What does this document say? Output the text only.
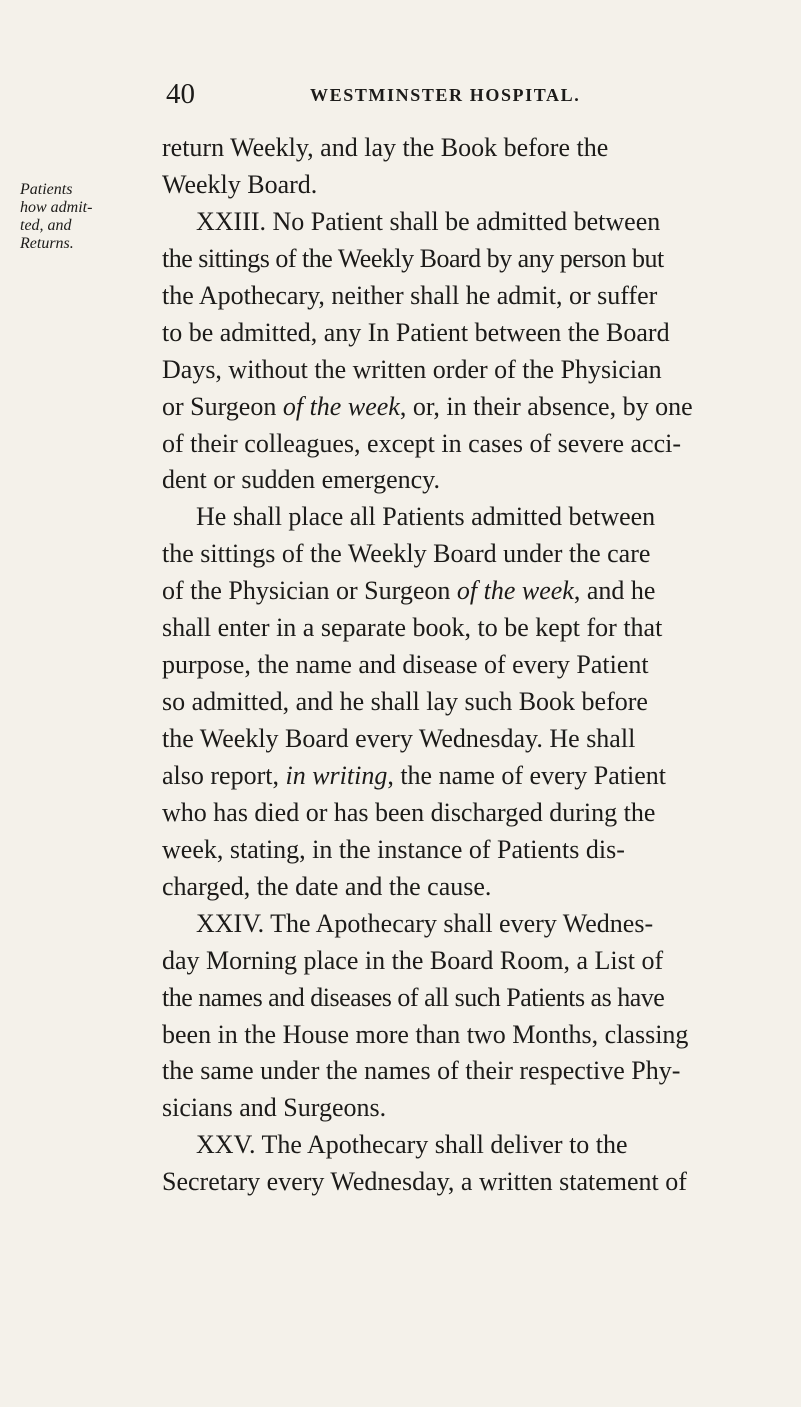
40	WESTMINSTER HOSPITAL.
Patients
how admit-
ted, and
Returns.
return Weekly, and lay the Book before the
Weekly Board.
XXIII. No Patient shall be admitted between
the sittings of the Weekly Board by any person but
the Apothecary, neither shall he admit, or suffer
to be admitted, any In Patient between the Board
Days, without the written order of the Physician
or Surgeon of the week, or, in their absence, by one
of their colleagues, except in cases of severe acci-
dent or sudden emergency.
He shall place all Patients admitted between
the sittings of the Weekly Board under the care
of the Physician or Surgeon of the week, and he
shall enter in a separate book, to be kept for that
purpose, the name and disease of every Patient
so admitted, and he shall lay such Book before
the Weekly Board every Wednesday. He shall
also report, in writing, the name of every Patient
who has died or has been discharged during the
week, stating, in the instance of Patients dis-
charged, the date and the cause.
XXIV. The Apothecary shall every Wednes-
day Morning place in the Board Room, a List of
the names and diseases of all such Patients as have
been in the House more than two Months, classing
the same under the names of their respective Phy-
sicians and Surgeons.
XXV. The Apothecary shall deliver to the
Secretary every Wednesday, a written statement of
